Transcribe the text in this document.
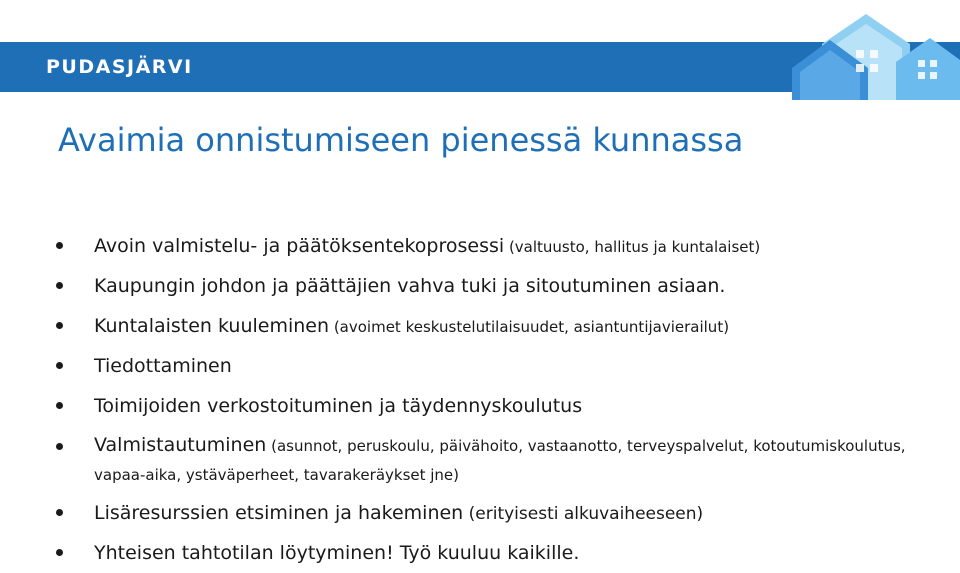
PUDASJÄRVI
Avaimia onnistumiseen pienessä kunnassa
Avoin valmistelu- ja päätöksentekoprosessi (valtuusto, hallitus ja kuntalaiset)
Kaupungin johdon ja päättäjien vahva tuki ja sitoutuminen asiaan.
Kuntalaisten kuuleminen (avoimet keskustelutilaisuudet, asiantuntijavierailut)
Tiedottaminen
Toimijoiden verkostoituminen ja täydennyskoulutus
Valmistautuminen (asunnot, peruskoulu, päivähoito, vastaanotto, terveyspalvelut, kotoutumiskoulutus, vapaa-aika, ystäväperheet, tavarakeräykset jne)
Lisäresurssien etsiminen ja hakeminen (erityisesti alkuvaiheeseen)
Yhteisen tahtotilan löytyminen! Työ kuuluu kaikille.
